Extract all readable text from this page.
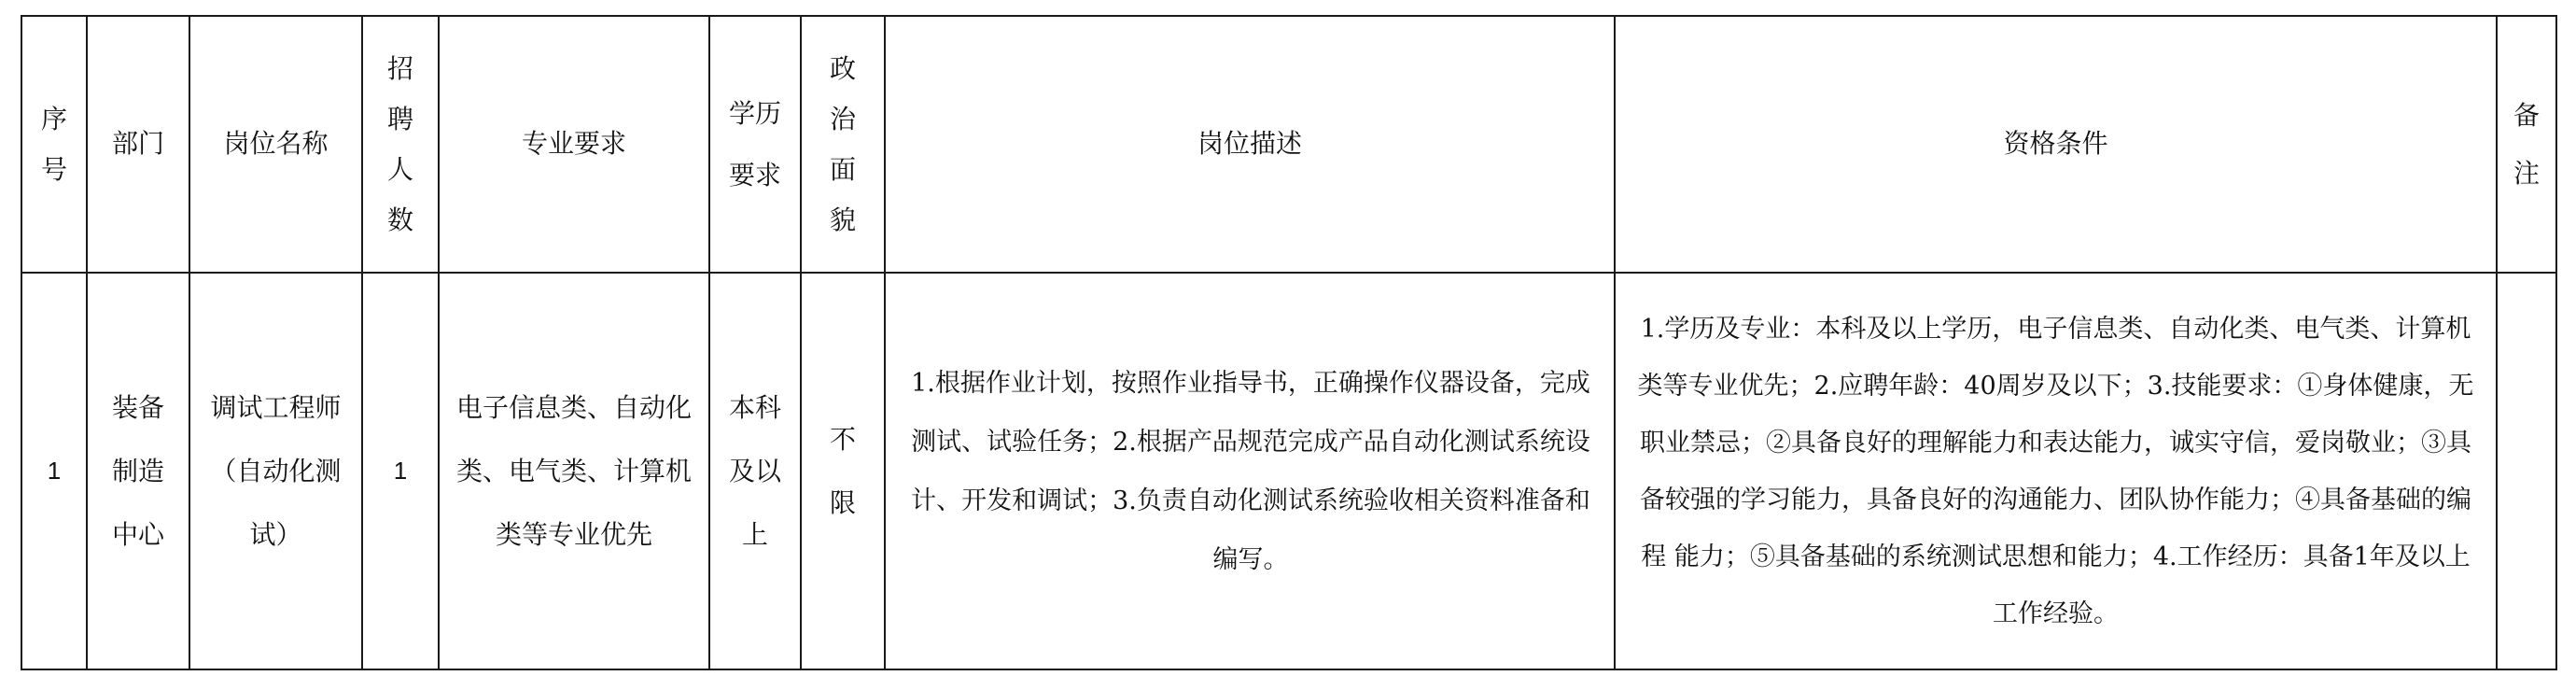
序号	部门	岗位名称	招聘人数	专业要求	学历要求	政治面貌	岗位描述	资格条件	备注
1	装备制造中心	调试工程师（自动化测试）	1	电子信息类、自动化类、电气类、计算机类等专业优先	本科及以上	不限	1.根据作业计划，按照作业指导书，正确操作仪器设备，完成测试、试验任务；2.根据产品规范完成产品自动化测试系统设计、开发和调试；3.负责自动化测试系统验收相关资料准备和编写。	1.学历及专业：本科及以上学历，电子信息类、自动化类、电气类、计算机类等专业优先；2.应聘年龄：40周岁及以下；3.技能要求：①身体健康，无职业禁忌；②具备良好的理解能力和表达能力，诚实守信，爱岗敬业；③具备较强的学习能力，具备良好的沟通能力、团队协作能力；④具备基础的编程 能力；⑤具备基础的系统测试思想和能力；4.工作经历：具备1年及以上工作经验。	
